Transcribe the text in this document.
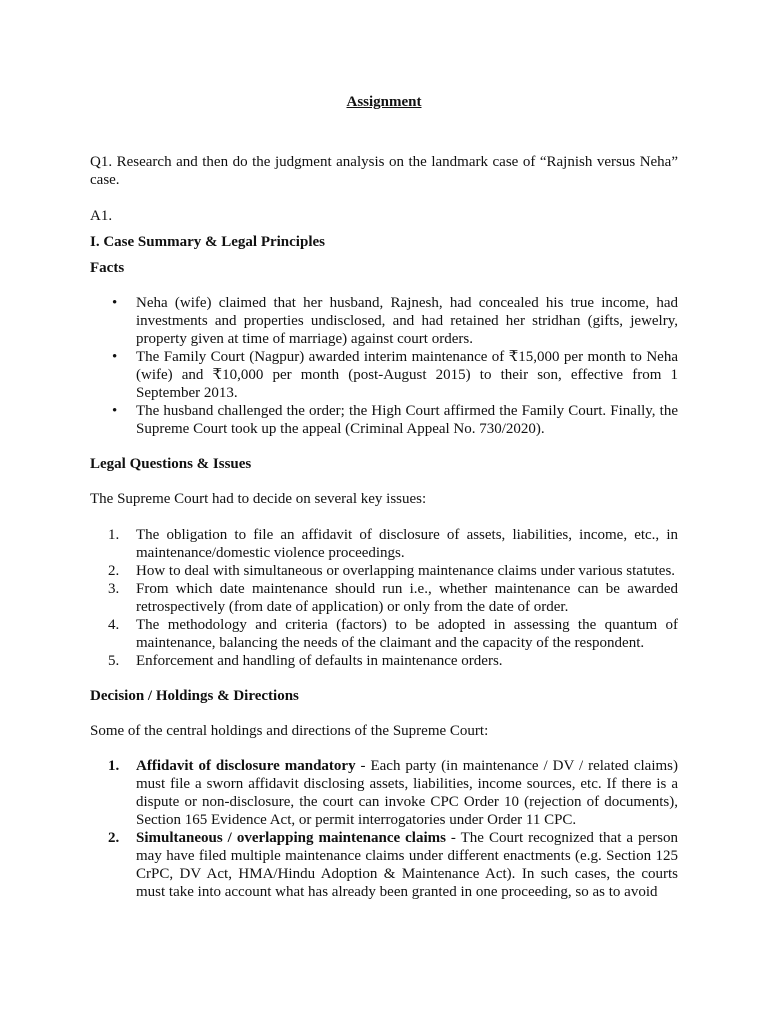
Assignment

Q1. Research and then do the judgment analysis on the landmark case of “Rajnish versus Neha” case.

A1.

I. Case Summary & Legal Principles

Facts

• Neha (wife) claimed that her husband, Rajnesh, had concealed his true income, had investments and properties undisclosed, and had retained her stridhan (gifts, jewelry, property given at time of marriage) against court orders.
• The Family Court (Nagpur) awarded interim maintenance of ₹15,000 per month to Neha (wife) and ₹10,000 per month (post-August 2015) to their son, effective from 1 September 2013.
• The husband challenged the order; the High Court affirmed the Family Court. Finally, the Supreme Court took up the appeal (Criminal Appeal No. 730/2020).

Legal Questions & Issues

The Supreme Court had to decide on several key issues:

1.	The obligation to file an affidavit of disclosure of assets, liabilities, income, etc., in maintenance/domestic violence proceedings.
2.	How to deal with simultaneous or overlapping maintenance claims under various statutes.
3.	From which date maintenance should run i.e., whether maintenance can be awarded retrospectively (from date of application) or only from the date of order.
4.	The methodology and criteria (factors) to be adopted in assessing the quantum of maintenance, balancing the needs of the claimant and the capacity of the respondent.
5.	Enforcement and handling of defaults in maintenance orders.

Decision / Holdings & Directions

Some of the central holdings and directions of the Supreme Court:

1.	Affidavit of disclosure mandatory - Each party (in maintenance / DV / related claims) must file a sworn affidavit disclosing assets, liabilities, income sources, etc. If there is a dispute or non-disclosure, the court can invoke CPC Order 10 (rejection of documents), Section 165 Evidence Act, or permit interrogatories under Order 11 CPC.
2.	Simultaneous / overlapping maintenance claims - The Court recognized that a person may have filed multiple maintenance claims under different enactments (e.g. Section 125 CrPC, DV Act, HMA/Hindu Adoption & Maintenance Act). In such cases, the courts must take into account what has already been granted in one proceeding, so as to avoid
